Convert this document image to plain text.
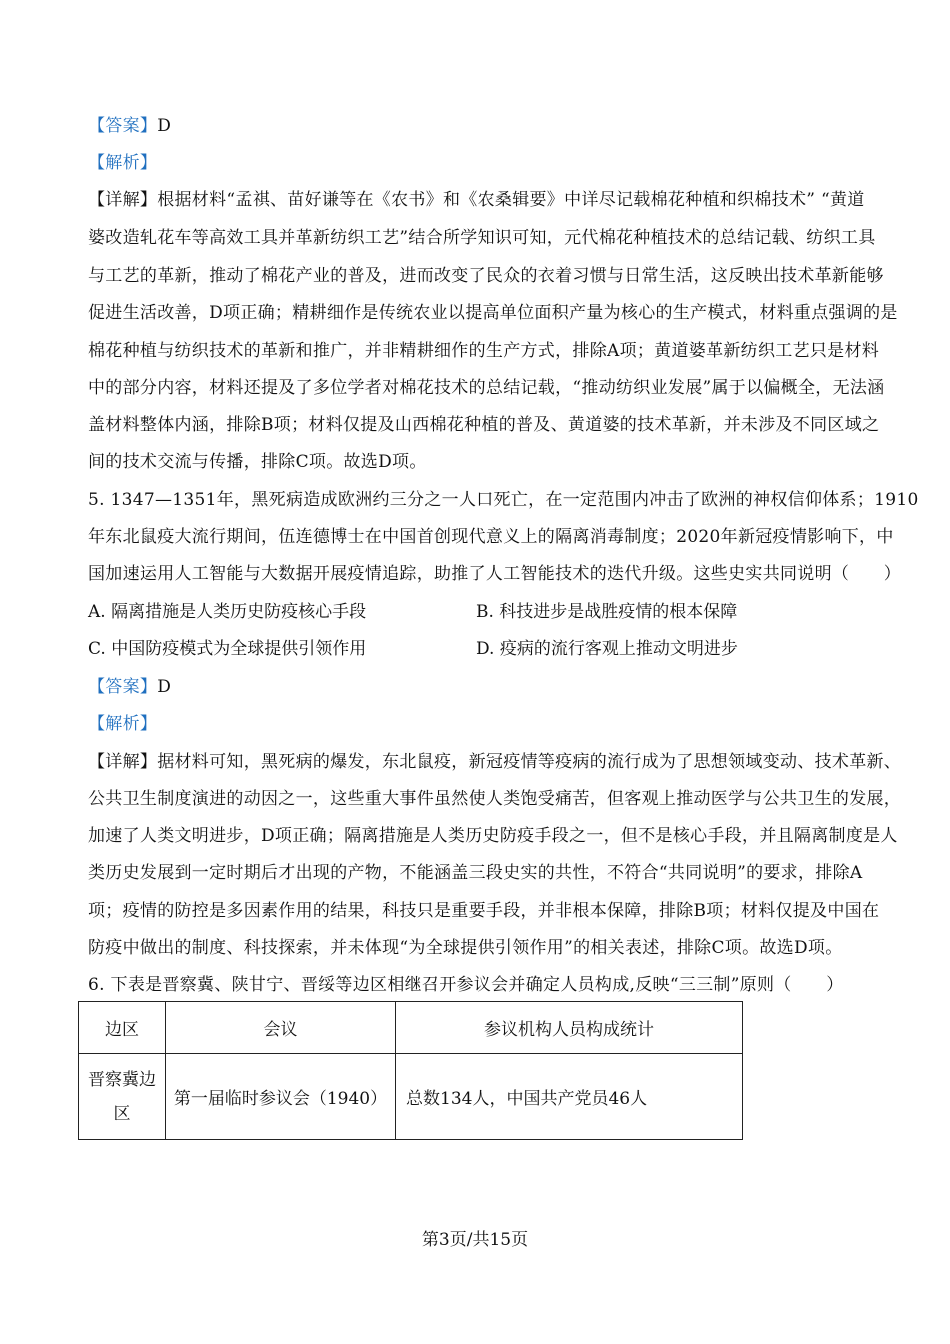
【答案】D
【解析】
【详解】根据材料“孟祺、苗好谦等在《农书》和《农桑辑要》中详尽记载棉花种植和织棉技术” “黄道
婆改造轧花车等高效工具并革新纺织工艺”结合所学知识可知，元代棉花种植技术的总结记载、纺织工具
与工艺的革新，推动了棉花产业的普及，进而改变了民众的衣着习惯与日常生活，这反映出技术革新能够
促进生活改善，D项正确；精耕细作是传统农业以提高单位面积产量为核心的生产模式，材料重点强调的是
棉花种植与纺织技术的革新和推广，并非精耕细作的生产方式，排除A项；黄道婆革新纺织工艺只是材料
中的部分内容，材料还提及了多位学者对棉花技术的总结记载，“推动纺织业发展”属于以偏概全，无法涵
盖材料整体内涵，排除B项；材料仅提及山西棉花种植的普及、黄道婆的技术革新，并未涉及不同区域之
间的技术交流与传播，排除C项。故选D项。
5. 1347—1351年，黑死病造成欧洲约三分之一人口死亡，在一定范围内冲击了欧洲的神权信仰体系；1910
年东北鼠疫大流行期间，伍连德博士在中国首创现代意义上的隔离消毒制度；2020年新冠疫情影响下，中
国加速运用人工智能与大数据开展疫情追踪，助推了人工智能技术的迭代升级。这些史实共同说明（　　）
A. 隔离措施是人类历史防疫核心手段	B. 科技进步是战胜疫情的根本保障
C. 中国防疫模式为全球提供引领作用	D. 疫病的流行客观上推动文明进步
【答案】D
【解析】
【详解】据材料可知，黑死病的爆发，东北鼠疫，新冠疫情等疫病的流行成为了思想领域变动、技术革新、
公共卫生制度演进的动因之一，这些重大事件虽然使人类饱受痛苦，但客观上推动医学与公共卫生的发展，
加速了人类文明进步，D项正确；隔离措施是人类历史防疫手段之一，但不是核心手段，并且隔离制度是人
类历史发展到一定时期后才出现的产物，不能涵盖三段史实的共性，不符合“共同说明”的要求，排除A
项；疫情的防控是多因素作用的结果，科技只是重要手段，并非根本保障，排除B项；材料仅提及中国在
防疫中做出的制度、科技探索，并未体现“为全球提供引领作用”的相关表述，排除C项。故选D项。
6. 下表是晋察冀、陕甘宁、晋绥等边区相继召开参议会并确定人员构成,反映“三三制”原则（　　）
边区	会议	参议机构人员构成统计
晋察冀边区	第一届临时参议会（1940）	总数134人，中国共产党员46人
第3页/共15页
